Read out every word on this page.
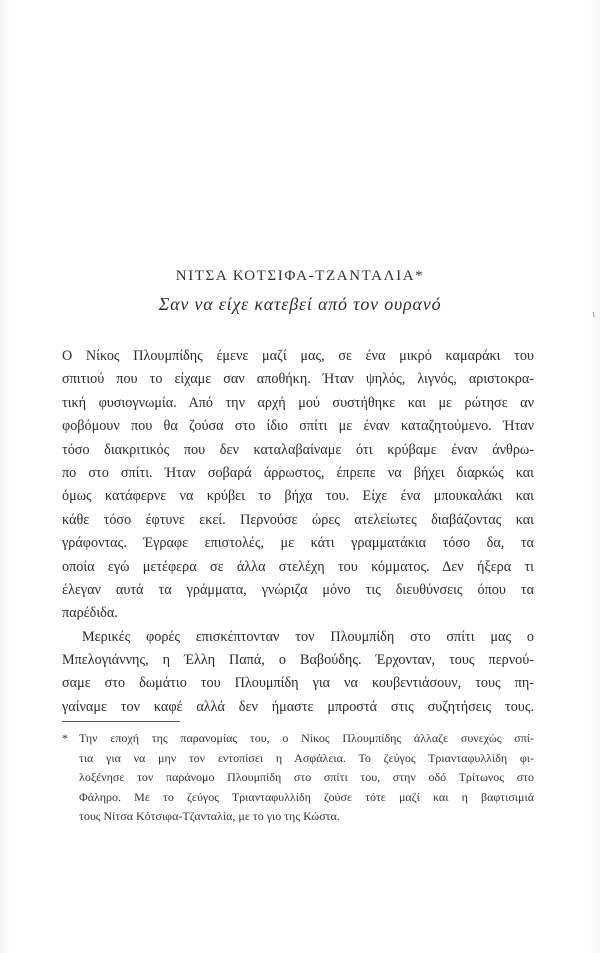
ΝΙΤΣΑ ΚΟΤΣΙΦΑ-ΤΖΑΝΤΑΛΙΑ*
Σαν να είχε κατεβεί από τον ουρανό
ι
Ο Νίκος Πλουμπίδης έμενε μαζί μας, σε ένα μικρό καμαράκι του
σπιτιού που το είχαμε σαν αποθήκη. Ήταν ψηλός, λιγνός, αριστοκρα-
τική φυσιογνωμία. Από την αρχή μού συστήθηκε και με ρώτησε αν
φοβόμουν που θα ζούσα στο ίδιο σπίτι με έναν καταζητούμενο. Ήταν
τόσο διακριτικός που δεν καταλαβαίναμε ότι κρύβαμε έναν άνθρω-
πο στο σπίτι. Ήταν σοβαρά άρρωστος, έπρεπε να βήχει διαρκώς και
όμως κατάφερνε να κρύβει το βήχα του. Είχε ένα μπουκαλάκι και
κάθε τόσο έφτυνε εκεί. Περνούσε ώρες ατελείωτες διαβάζοντας και
γράφοντας. Έγραφε επιστολές, με κάτι γραμματάκια τόσο δα, τα
οποία εγώ μετέφερα σε άλλα στελέχη του κόμματος. Δεν ήξερα τι
έλεγαν αυτά τα γράμματα, γνώριζα μόνο τις διευθύνσεις όπου τα
παρέδιδα.
Μερικές φορές επισκέπτονταν τον Πλουμπίδη στο σπίτι μας ο
Μπελογιάννης, η Έλλη Παπά, ο Βαβούδης. Έρχονταν, τους περνού-
σαμε στο δωμάτιο του Πλουμπίδη για να κουβεντιάσουν, τους πη-
γαίναμε τον καφέ αλλά δεν ήμαστε μπροστά στις συζητήσεις τους.
* Την εποχή της παρανομίας του, ο Νίκος Πλουμπίδης άλλαζε συνεχώς σπί-
τια για να μην τον εντοπίσει η Ασφάλεια. Το ζεύγος Τριανταφυλλίδη φι-
λοξένησε τον παράνομο Πλουμπίδη στο σπίτι του, στην οδό Τρίτωνος στο
Φάληρο. Με το ζεύγος Τριανταφυλλίδη ζούσε τότε μαζί και η βαφτισιμιά
τους Νίτσα Κότσιφα-Τζανταλία, με το γιο της Κώστα.
